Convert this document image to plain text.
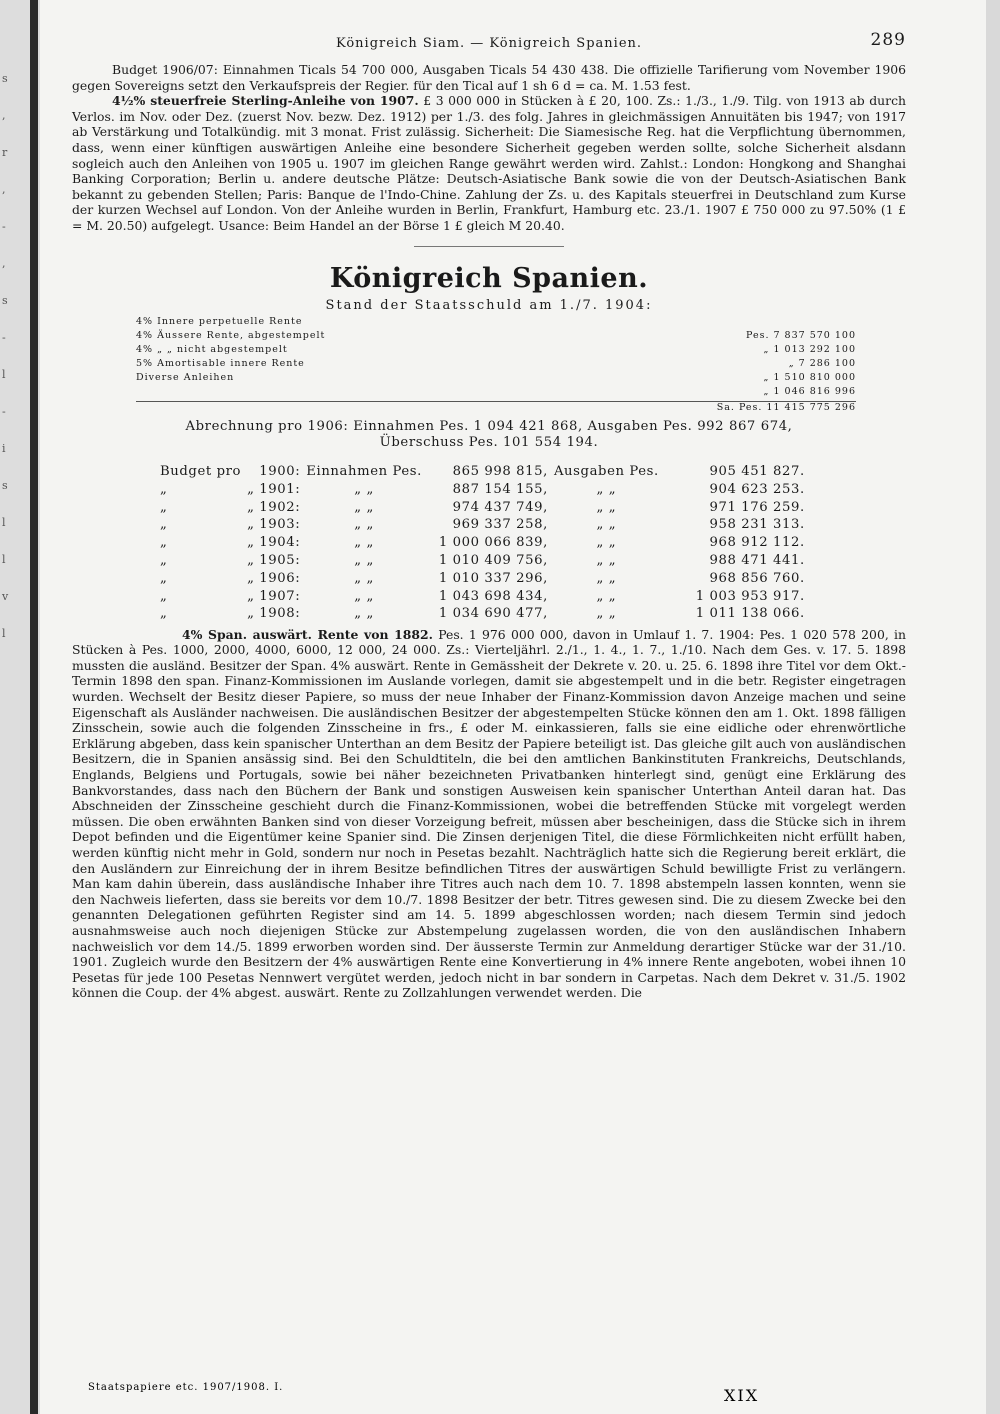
s
,
r
,
-
,
s
-
l
-
i
s
l
l
v
l
Königreich Siam. — Königreich Spanien.	289

Budget 1906/07: Einnahmen Ticals 54 700 000, Ausgaben Ticals 54 430 438. Die offizielle Tarifierung vom November 1906 gegen Sovereigns setzt den Verkaufspreis der Regier. für den Tical auf 1 sh 6 d = ca. M. 1.53 fest.

4½% steuerfreie Sterling-Anleihe von 1907. £ 3 000 000 in Stücken à £ 20, 100. Zs.: 1./3., 1./9. Tilg. von 1913 ab durch Verlos. im Nov. oder Dez. (zuerst Nov. bezw. Dez. 1912) per 1./3. des folg. Jahres in gleichmässigen Annuitäten bis 1947; von 1917 ab Verstärkung und Totalkündig. mit 3 monat. Frist zulässig. Sicherheit: Die Siamesische Reg. hat die Verpflichtung übernommen, dass, wenn einer künftigen auswärtigen Anleihe eine besondere Sicherheit gegeben werden sollte, solche Sicherheit alsdann sogleich auch den Anleihen von 1905 u. 1907 im gleichen Range gewährt werden wird. Zahlst.: London: Hongkong and Shanghai Banking Corporation; Berlin u. andere deutsche Plätze: Deutsch-Asiatische Bank sowie die von der Deutsch-Asiatischen Bank bekannt zu gebenden Stellen; Paris: Banque de l'Indo-Chine. Zahlung der Zs. u. des Kapitals steuerfrei in Deutschland zum Kurse der kurzen Wechsel auf London. Von der Anleihe wurden in Berlin, Frankfurt, Hamburg etc. 23./1. 1907 £ 750 000 zu 97.50% (1 £ = M. 20.50) aufgelegt. Usance: Beim Handel an der Börse 1 £ gleich M 20.40.

Königreich Spanien.
Stand der Staatsschuld am 1./7. 1904:
4% Innere perpetuelle Rente	
4% Äussere Rente, abgestempelt	Pes. 7 837 570 100
4% „ „ nicht abgestempelt	„ 1 013 292 100
5% Amortisable innere Rente	„ 7 286 100
Diverse Anleihen	„ 1 510 810 000
	„ 1 046 816 996
Sa. Pes. 11 415 775 296
Abrechnung pro 1906: Einnahmen Pes. 1 094 421 868, Ausgaben Pes. 992 867 674,
Überschuss Pes. 101 554 194.
Budget pro	1900:	Einnahmen Pes.	865 998 815,	Ausgaben Pes.	905 451 827.
„	„ 1901:	„ „	887 154 155,	„ „	904 623 253.
„	„ 1902:	„ „	974 437 749,	„ „	971 176 259.
„	„ 1903:	„ „	969 337 258,	„ „	958 231 313.
„	„ 1904:	„ „	1 000 066 839,	„ „	968 912 112.
„	„ 1905:	„ „	1 010 409 756,	„ „	988 471 441.
„	„ 1906:	„ „	1 010 337 296,	„ „	968 856 760.
„	„ 1907:	„ „	1 043 698 434,	„ „	1 003 953 917.
„	„ 1908:	„ „	1 034 690 477,	„ „	1 011 138 066.

4% Span. auswärt. Rente von 1882. Pes. 1 976 000 000, davon in Umlauf 1. 7. 1904: Pes. 1 020 578 200, in Stücken à Pes. 1000, 2000, 4000, 6000, 12 000, 24 000. Zs.: Vierteljährl. 2./1., 1. 4., 1. 7., 1./10. Nach dem Ges. v. 17. 5. 1898 mussten die ausländ. Besitzer der Span. 4% auswärt. Rente in Gemässheit der Dekrete v. 20. u. 25. 6. 1898 ihre Titel vor dem Okt.-Termin 1898 den span. Finanz-Kommissionen im Auslande vorlegen, damit sie abgestempelt und in die betr. Register eingetragen wurden. Wechselt der Besitz dieser Papiere, so muss der neue Inhaber der Finanz-Kommission davon Anzeige machen und seine Eigenschaft als Ausländer nachweisen. Die ausländischen Besitzer der abgestempelten Stücke können den am 1. Okt. 1898 fälligen Zinsschein, sowie auch die folgenden Zinsscheine in frs., £ oder M. einkassieren, falls sie eine eidliche oder ehrenwörtliche Erklärung abgeben, dass kein spanischer Unterthan an dem Besitz der Papiere beteiligt ist. Das gleiche gilt auch von ausländischen Besitzern, die in Spanien ansässig sind. Bei den Schuldtiteln, die bei den amtlichen Bankinstituten Frankreichs, Deutschlands, Englands, Belgiens und Portugals, sowie bei näher bezeichneten Privatbanken hinterlegt sind, genügt eine Erklärung des Bankvorstandes, dass nach den Büchern der Bank und sonstigen Ausweisen kein spanischer Unterthan Anteil daran hat. Das Abschneiden der Zinsscheine geschieht durch die Finanz-Kommissionen, wobei die betreffenden Stücke mit vorgelegt werden müssen. Die oben erwähnten Banken sind von dieser Vorzeigung befreit, müssen aber bescheinigen, dass die Stücke sich in ihrem Depot befinden und die Eigentümer keine Spanier sind. Die Zinsen derjenigen Titel, die diese Förmlichkeiten nicht erfüllt haben, werden künftig nicht mehr in Gold, sondern nur noch in Pesetas bezahlt. Nachträglich hatte sich die Regierung bereit erklärt, die den Ausländern zur Einreichung der in ihrem Besitze befindlichen Titres der auswärtigen Schuld bewilligte Frist zu verlängern. Man kam dahin überein, dass ausländische Inhaber ihre Titres auch nach dem 10. 7. 1898 abstempeln lassen konnten, wenn sie den Nachweis lieferten, dass sie bereits vor dem 10./7. 1898 Besitzer der betr. Titres gewesen sind. Die zu diesem Zwecke bei den genannten Delegationen geführten Register sind am 14. 5. 1899 abgeschlossen worden; nach diesem Termin sind jedoch ausnahmsweise auch noch diejenigen Stücke zur Abstempelung zugelassen worden, die von den ausländischen Inhabern nachweislich vor dem 14./5. 1899 erworben worden sind. Der äusserste Termin zur Anmeldung derartiger Stücke war der 31./10. 1901. Zugleich wurde den Besitzern der 4% auswärtigen Rente eine Konvertierung in 4% innere Rente angeboten, wobei ihnen 10 Pesetas für jede 100 Pesetas Nennwert vergütet werden, jedoch nicht in bar sondern in Carpetas. Nach dem Dekret v. 31./5. 1902 können die Coup. der 4% abgest. auswärt. Rente zu Zollzahlungen verwendet werden. Die

Staatspapiere etc. 1907/1908. I.	XIX
